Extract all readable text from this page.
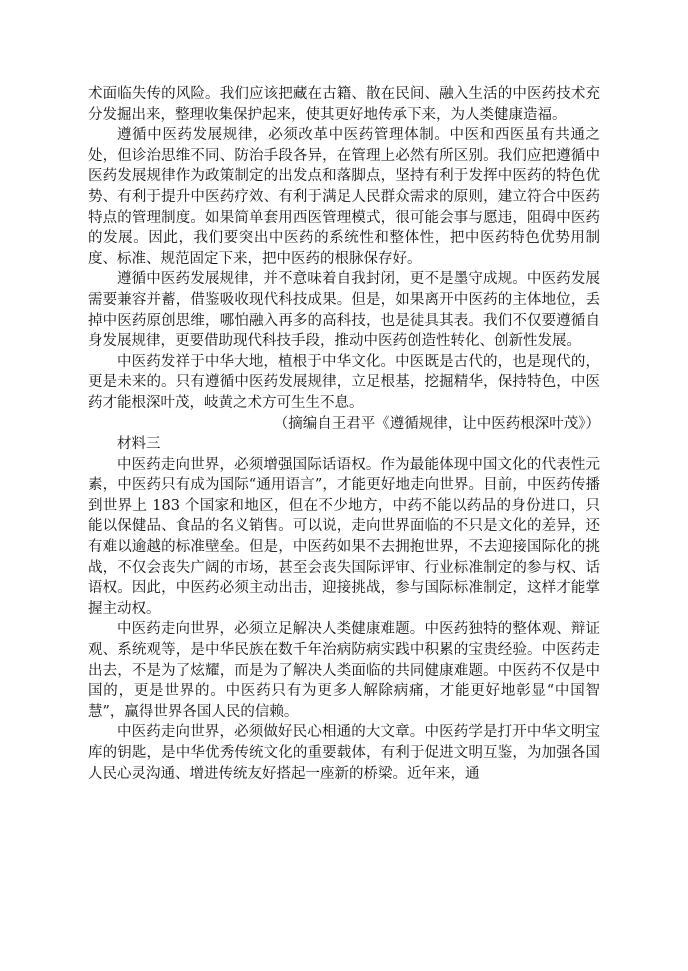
术面临失传的风险。我们应该把藏在古籍、散在民间、融入生活的中医药技术充分发掘出来，整理收集保护起来，使其更好地传承下来，为人类健康造福。

遵循中医药发展规律，必须改革中医药管理体制。中医和西医虽有共通之处，但诊治思维不同、防治手段各异，在管理上必然有所区别。我们应把遵循中医药发展规律作为政策制定的出发点和落脚点，坚持有利于发挥中医药的特色优势、有利于提升中医药疗效、有利于满足人民群众需求的原则，建立符合中医药特点的管理制度。如果简单套用西医管理模式，很可能会事与愿违，阻碍中医药的发展。因此，我们要突出中医药的系统性和整体性，把中医药特色优势用制度、标准、规范固定下来，把中医药的根脉保存好。

遵循中医药发展规律，并不意味着自我封闭，更不是墨守成规。中医药发展需要兼容并蓄，借鉴吸收现代科技成果。但是，如果离开中医药的主体地位，丢掉中医药原创思维，哪怕融入再多的高科技，也是徒具其表。我们不仅要遵循自身发展规律，更要借助现代科技手段，推动中医药创造性转化、创新性发展。

中医药发祥于中华大地，植根于中华文化。中医既是古代的，也是现代的，更是未来的。只有遵循中医药发展规律，立足根基，挖掘精华，保持特色，中医药才能根深叶茂，岐黄之术方可生生不息。

（摘编自王君平《遵循规律，让中医药根深叶茂》）

材料三

中医药走向世界，必须增强国际话语权。作为最能体现中国文化的代表性元素，中医药只有成为国际“通用语言”，才能更好地走向世界。目前，中医药传播到世界上 183 个国家和地区，但在不少地方，中药不能以药品的身份进口，只能以保健品、食品的名义销售。可以说，走向世界面临的不只是文化的差异，还有难以逾越的标准壁垒。但是，中医药如果不去拥抱世界，不去迎接国际化的挑战，不仅会丧失广阔的市场，甚至会丧失国际评审、行业标准制定的参与权、话语权。因此，中医药必须主动出击，迎接挑战，参与国际标准制定，这样才能掌握主动权。

中医药走向世界，必须立足解决人类健康难题。中医药独特的整体观、辩证观、系统观等，是中华民族在数千年治病防病实践中积累的宝贵经验。中医药走出去，不是为了炫耀，而是为了解决人类面临的共同健康难题。中医药不仅是中国的，更是世界的。中医药只有为更多人解除病痛，才能更好地彰显“中国智慧”，赢得世界各国人民的信赖。

中医药走向世界，必须做好民心相通的大文章。中医药学是打开中华文明宝库的钥匙，是中华优秀传统文化的重要载体，有利于促进文明互鉴，为加强各国人民心灵沟通、增进传统友好搭起一座新的桥梁。近年来，通
